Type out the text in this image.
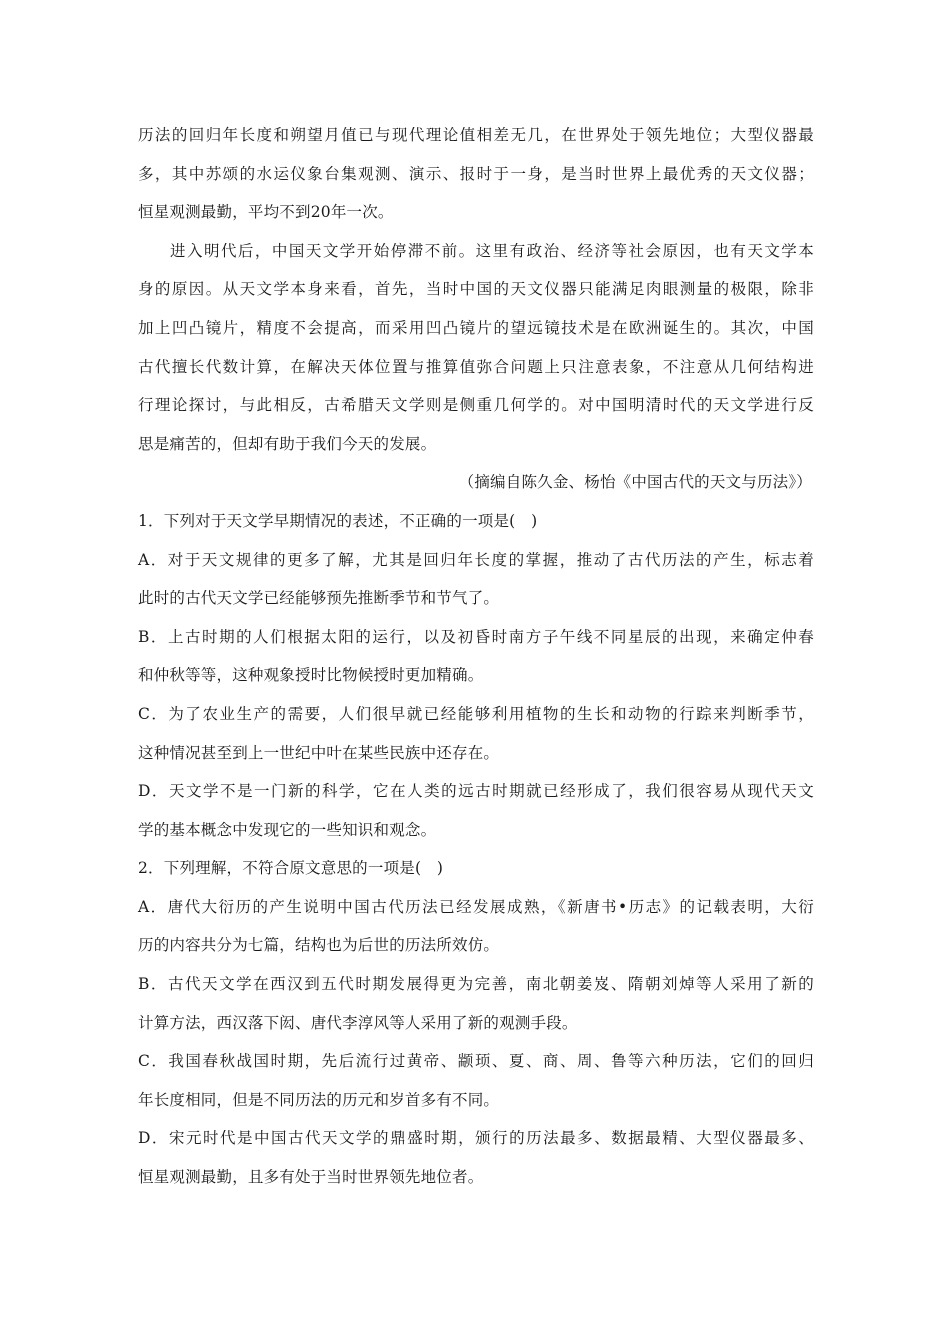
历法的回归年长度和朔望月值已与现代理论值相差无几，在世界处于领先地位；大型仪器最
多，其中苏颂的水运仪象台集观测、演示、报时于一身，是当时世界上最优秀的天文仪器；
恒星观测最勤，平均不到20年一次。
进入明代后，中国天文学开始停滞不前。这里有政治、经济等社会原因，也有天文学本
身的原因。从天文学本身来看，首先，当时中国的天文仪器只能满足肉眼测量的极限，除非
加上凹凸镜片，精度不会提高，而采用凹凸镜片的望远镜技术是在欧洲诞生的。其次，中国
古代擅长代数计算，在解决天体位置与推算值弥合问题上只注意表象，不注意从几何结构进
行理论探讨，与此相反，古希腊天文学则是侧重几何学的。对中国明清时代的天文学进行反
思是痛苦的，但却有助于我们今天的发展。
（摘编自陈久金、杨怡《中国古代的天文与历法》）
1．下列对于天文学早期情况的表述，不正确的一项是(　)
A．对于天文规律的更多了解，尤其是回归年长度的掌握，推动了古代历法的产生，标志着
此时的古代天文学已经能够预先推断季节和节气了。
B．上古时期的人们根据太阳的运行，以及初昏时南方子午线不同星辰的出现，来确定仲春
和仲秋等等，这种观象授时比物候授时更加精确。
C．为了农业生产的需要，人们很早就已经能够利用植物的生长和动物的行踪来判断季节，
这种情况甚至到上一世纪中叶在某些民族中还存在。
D．天文学不是一门新的科学，它在人类的远古时期就已经形成了，我们很容易从现代天文
学的基本概念中发现它的一些知识和观念。
2．下列理解，不符合原文意思的一项是(　)
A．唐代大衍历的产生说明中国古代历法已经发展成熟，《新唐书•历志》的记载表明，大衍
历的内容共分为七篇，结构也为后世的历法所效仿。
B．古代天文学在西汉到五代时期发展得更为完善，南北朝姜岌、隋朝刘焯等人采用了新的
计算方法，西汉落下闳、唐代李淳风等人采用了新的观测手段。
C．我国春秋战国时期，先后流行过黄帝、颛顼、夏、商、周、鲁等六种历法，它们的回归
年长度相同，但是不同历法的历元和岁首多有不同。
D．宋元时代是中国古代天文学的鼎盛时期，颁行的历法最多、数据最精、大型仪器最多、
恒星观测最勤，且多有处于当时世界领先地位者。
